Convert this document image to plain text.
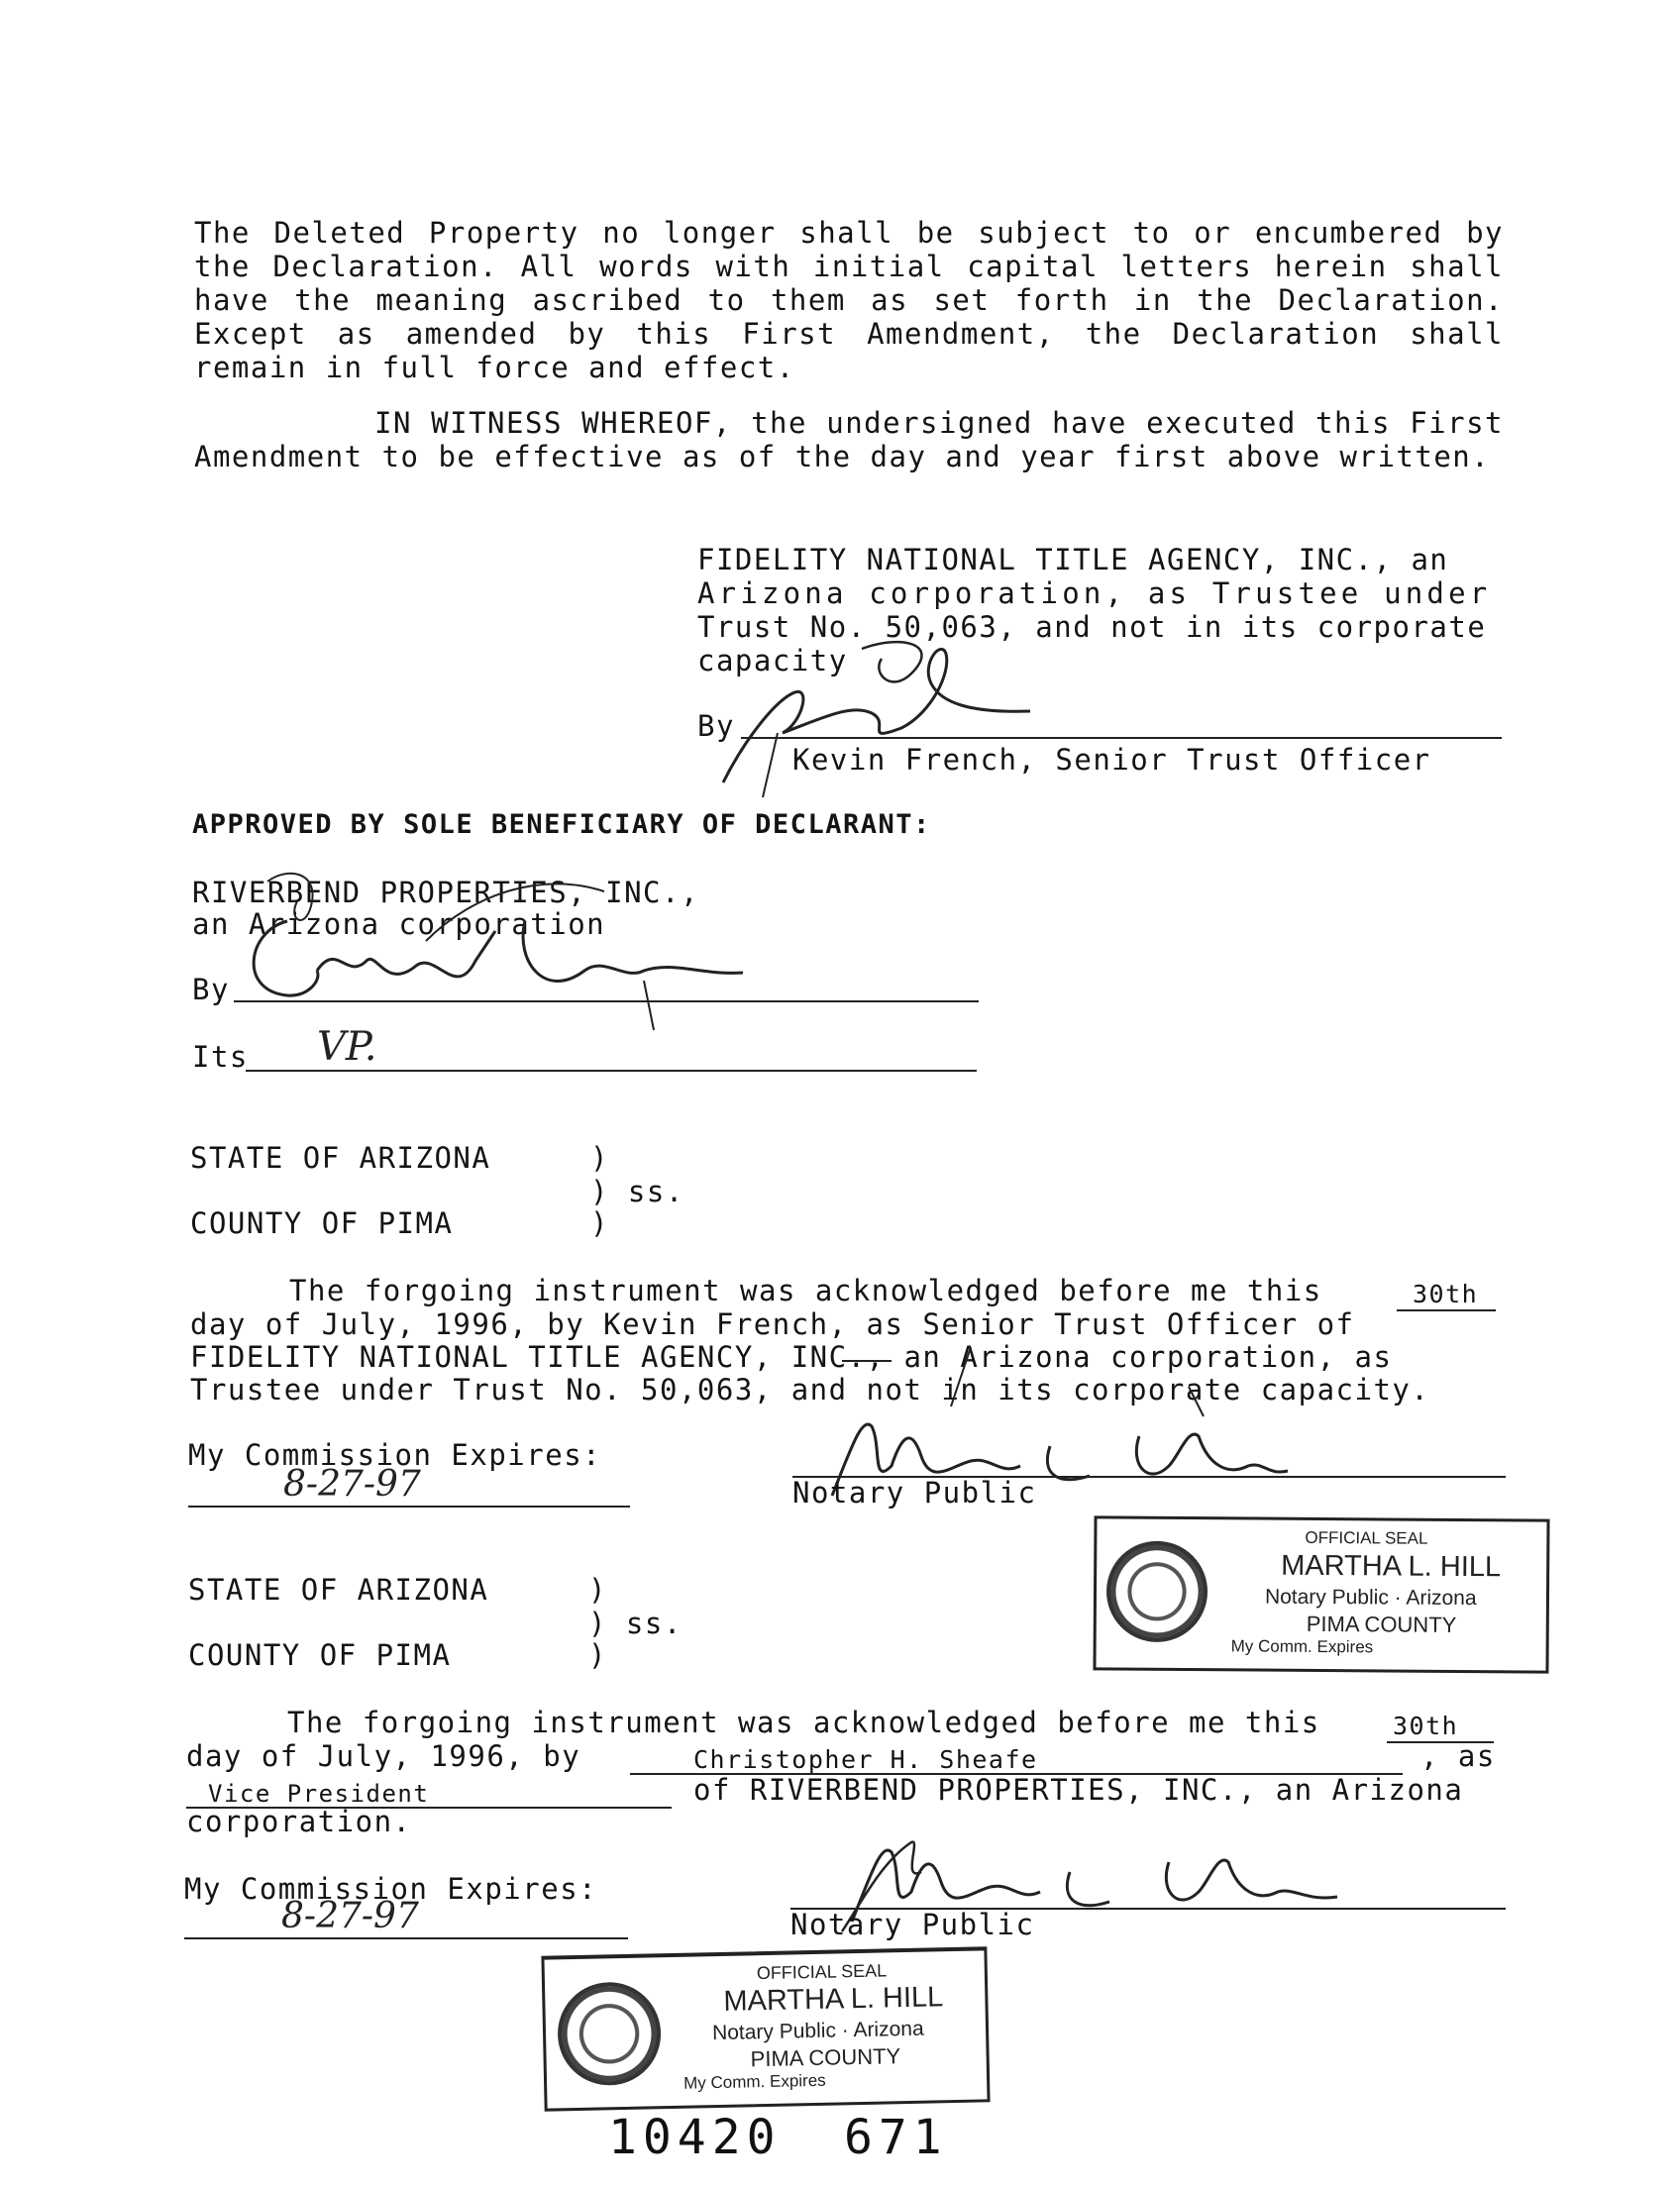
The Deleted Property no longer shall be subject to or encumbered by the Declaration. All words with initial capital letters herein shall have the meaning ascribed to them as set forth in the Declaration. Except as amended by this First Amendment, the Declaration shall remain in full force and effect.
IN WITNESS WHEREOF, the undersigned have executed this First Amendment to be effective as of the day and year first above written.
FIDELITY NATIONAL TITLE AGENCY, INC., an
Arizona corporation, as Trustee under
Trust No. 50,063, and not in its corporate
capacity
By
Kevin French, Senior Trust Officer
APPROVED BY SOLE BENEFICIARY OF DECLARANT:
RIVERBEND PROPERTIES, INC.,
an Arizona corporation
By
Its VP.
STATE OF ARIZONA	)
) ss.
COUNTY OF PIMA	)
The forgoing instrument was acknowledged before me this	30th
day of July, 1996, by Kevin French, as Senior Trust Officer of
FIDELITY NATIONAL TITLE AGENCY, INC., an Arizona corporation, as
Trustee under Trust No. 50,063, and not in its corporate capacity.
My Commission Expires:
8-27-97	Notary Public
OFFICIAL SEAL
MARTHA L. HILL
Notary Public · Arizona
PIMA COUNTY
My Comm. Expires
STATE OF ARIZONA	)
) ss.
COUNTY OF PIMA	)
The forgoing instrument was acknowledged before me this	30th
day of July, 1996, by	Christopher H. Sheafe	, as
Vice President	of RIVERBEND PROPERTIES, INC., an Arizona
corporation.
My Commission Expires:
8-27-97	Notary Public
OFFICIAL SEAL
MARTHA L. HILL
Notary Public · Arizona
PIMA COUNTY
My Comm. Expires
10420 671
